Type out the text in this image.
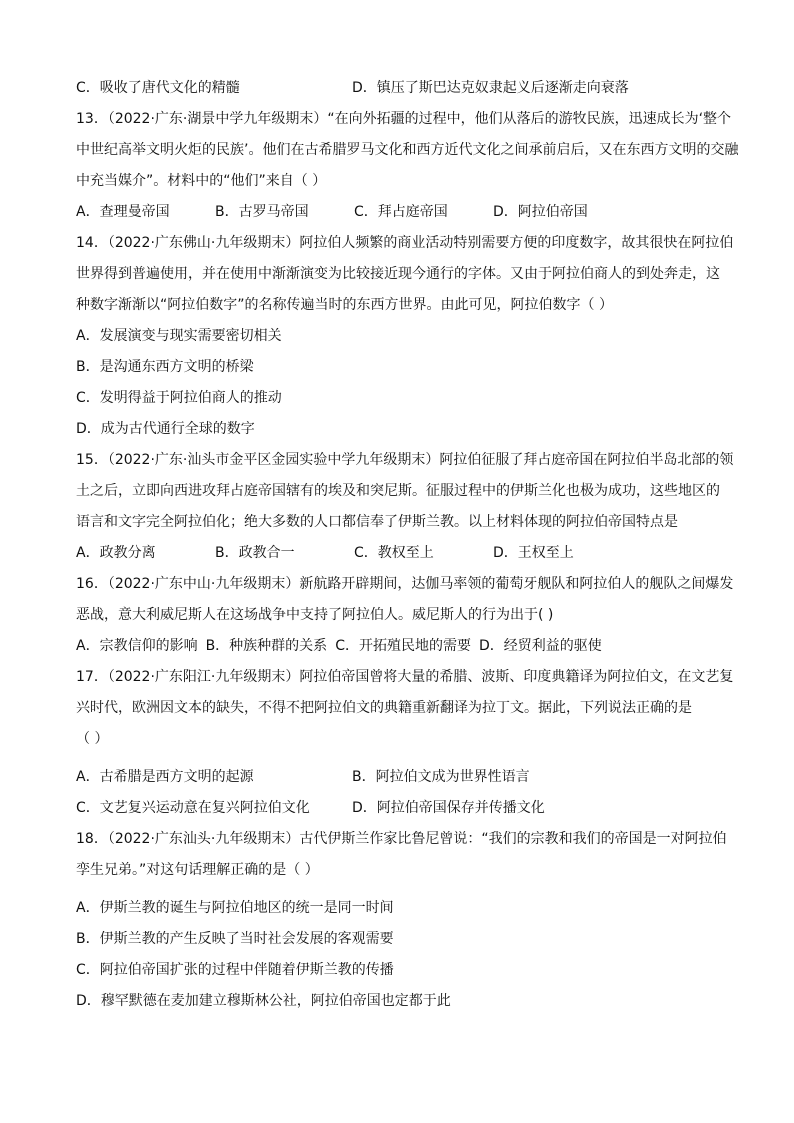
C．吸收了唐代文化的精髓	D．镇压了斯巴达克奴隶起义后逐渐走向衰落
13．（2022·广东·湖景中学九年级期末）“在向外拓疆的过程中，他们从落后的游牧民族，迅速成长为‘整个
中世纪高举文明火炬的民族’。他们在古希腊罗马文化和西方近代文化之间承前启后，又在东西方文明的交融
中充当媒介”。材料中的“他们”来自（ ）
A．查理曼帝国	B．古罗马帝国	C．拜占庭帝国	D．阿拉伯帝国
14．（2022·广东佛山·九年级期末）阿拉伯人频繁的商业活动特别需要方便的印度数字，故其很快在阿拉伯
世界得到普遍使用，并在使用中渐渐演变为比较接近现今通行的字体。又由于阿拉伯商人的到处奔走，这
种数字渐渐以“阿拉伯数字”的名称传遍当时的东西方世界。由此可见，阿拉伯数字（ ）
A．发展演变与现实需要密切相关
B．是沟通东西方文明的桥梁
C．发明得益于阿拉伯商人的推动
D．成为古代通行全球的数字
15．（2022·广东·汕头市金平区金园实验中学九年级期末）阿拉伯征服了拜占庭帝国在阿拉伯半岛北部的领
土之后，立即向西进攻拜占庭帝国辖有的埃及和突尼斯。征服过程中的伊斯兰化也极为成功，这些地区的
语言和文字完全阿拉伯化；绝大多数的人口都信奉了伊斯兰教。以上材料体现的阿拉伯帝国特点是
A．政教分离	B．政教合一	C．教权至上	D．王权至上
16．（2022·广东中山·九年级期末）新航路开辟期间，达伽马率领的葡萄牙舰队和阿拉伯人的舰队之间爆发
恶战，意大利威尼斯人在这场战争中支持了阿拉伯人。威尼斯人的行为出于( )
A．宗教信仰的影响 B．种族种群的关系 C．开拓殖民地的需要 D．经贸利益的驱使
17．（2022·广东阳江·九年级期末）阿拉伯帝国曾将大量的希腊、波斯、印度典籍译为阿拉伯文，在文艺复
兴时代，欧洲因文本的缺失，不得不把阿拉伯文的典籍重新翻译为拉丁文。据此，下列说法正确的是
（ ）
A．古希腊是西方文明的起源	B．阿拉伯文成为世界性语言
C．文艺复兴运动意在复兴阿拉伯文化	D．阿拉伯帝国保存并传播文化
18．（2022·广东汕头·九年级期末）古代伊斯兰作家比鲁尼曾说：“我们的宗教和我们的帝国是一对阿拉伯
孪生兄弟。”对这句话理解正确的是（ ）
A．伊斯兰教的诞生与阿拉伯地区的统一是同一时间
B．伊斯兰教的产生反映了当时社会发展的客观需要
C．阿拉伯帝国扩张的过程中伴随着伊斯兰教的传播
D．穆罕默德在麦加建立穆斯林公社，阿拉伯帝国也定都于此
